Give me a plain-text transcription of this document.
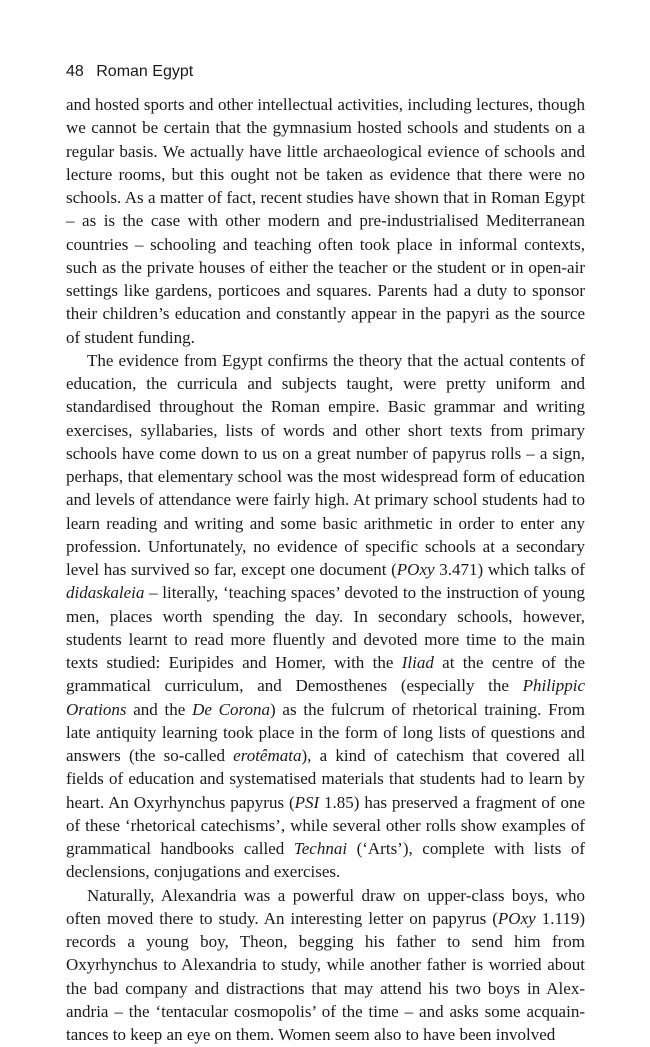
48 Roman Egypt

and hosted sports and other intellectual activities, including lectures, though we cannot be certain that the gymnasium hosted schools and students on a regular basis. We actually have little archaeological evience of schools and lecture rooms, but this ought not be taken as evidence that there were no schools. As a matter of fact, recent studies have shown that in Roman Egypt – as is the case with other modern and pre-industrialised Mediterranean countries – schooling and teaching often took place in informal contexts, such as the private houses of either the teacher or the student or in open-air settings like gardens, porticoes and squares. Parents had a duty to sponsor their children’s education and constantly appear in the papyri as the source of student funding.

The evidence from Egypt confirms the theory that the actual contents of education, the curricula and subjects taught, were pretty uniform and standardised throughout the Roman empire. Basic grammar and writing exercises, syllabaries, lists of words and other short texts from primary schools have come down to us on a great number of papyrus rolls – a sign, perhaps, that elementary school was the most widespread form of education and levels of attendance were fairly high. At primary school students had to learn reading and writing and some basic arithmetic in order to enter any profession. Unfortunately, no evidence of specific schools at a secondary level has survived so far, except one document (POxy 3.471) which talks of didaskaleia – literally, ‘teaching spaces’ devoted to the instruction of young men, places worth spending the day. In secondary schools, however, students learnt to read more fluently and devoted more time to the main texts studied: Euripides and Homer, with the Iliad at the centre of the grammatical curriculum, and Demosthenes (especially the Philippic Orations and the De Corona) as the fulcrum of rhetorical training. From late antiquity learning took place in the form of long lists of questions and answers (the so-called erotêmata), a kind of catechism that covered all fields of education and systematised materials that students had to learn by heart. An Oxyrhynchus papyrus (PSI 1.85) has preserved a fragment of one of these ‘rhetorical catechisms’, while several other rolls show examples of grammatical handbooks called Technai (‘Arts’), complete with lists of declensions, conjugations and exercises.

Naturally, Alexandria was a powerful draw on upper-class boys, who often moved there to study. An interesting letter on papyrus (POxy 1.119) records a young boy, Theon, begging his father to send him from Oxyrhynchus to Alexandria to study, while another father is worried about the bad company and distractions that may attend his two boys in Alexandria – the ‘tentacular cosmopolis’ of the time – and asks some acquaintances to keep an eye on them. Women seem also to have been involved
